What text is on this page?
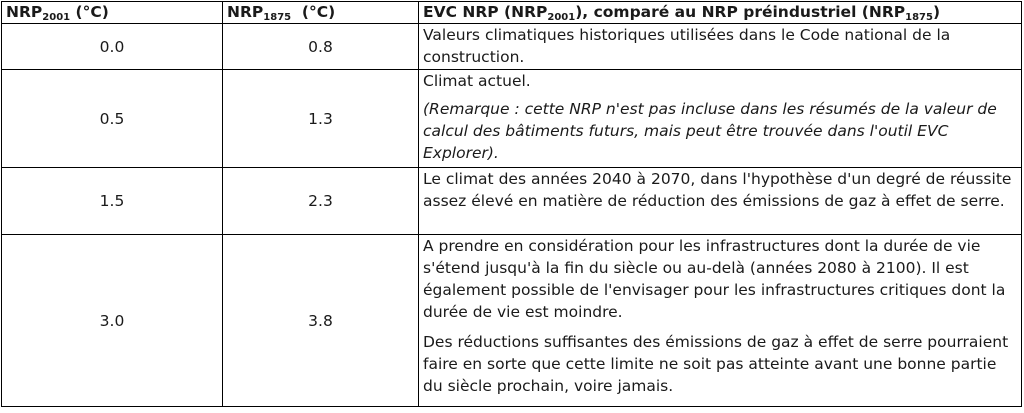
$NRP_{2001}$ (°C)	$NRP_{1875}$  (°C)	EVC NRP $(NRP_{2001})$, comparé au NRP préindustriel $(NRP_{1875})$
0.0	0.8	Valeurs climatiques historiques utilisées dans le Code national de la construction.

0.5	1.3	Climat actuel.

(Remarque : cette NRP n'est pas incluse dans les résumés de la valeur de calcul des bâtiments futurs, mais peut être trouvée dans l'outil EVC Explorer).

1.5	2.3	Le climat des années 2040 à 2070, dans l'hypothèse d'un degré de réussite assez élevé en matière de réduction des émissions de gaz à effet de serre.

3.0	3.8	A prendre en considération pour les infrastructures dont la durée de vie s'étend jusqu'à la fin du siècle ou au-delà (années 2080 à 2100). Il est également possible de l'envisager pour les infrastructures critiques dont la durée de vie est moindre.

Des réductions suffisantes des émissions de gaz à effet de serre pourraient faire en sorte que cette limite ne soit pas atteinte avant une bonne partie du siècle prochain, voire jamais.
